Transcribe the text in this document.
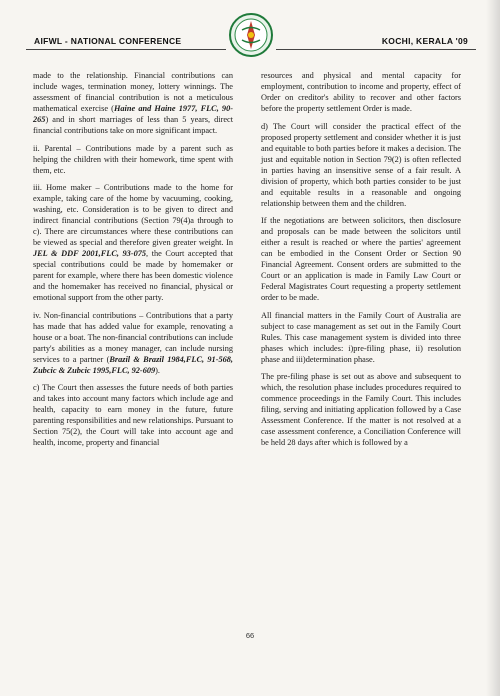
AIFWL - NATIONAL CONFERENCE	KOCHI, KERALA '09

made to the relationship. Financial contributions can include wages, termination money, lottery winnings. The assessment of financial contribution is not a meticulous mathematical exercise (Haine and Haine 1977, FLC, 90-265) and in short marriages of less than 5 years, direct financial contributions take on more significant impact.

ii. Parental – Contributions made by a parent such as helping the children with their homework, time spent with them, etc.

iii. Home maker – Contributions made to the home for example, taking care of the home by vacuuming, cooking, washing, etc. Consideration is to be given to direct and indirect financial contributions (Section 79(4)a through to c). There are circumstances where these contributions can be viewed as special and therefore given greater weight. In JEL & DDF 2001,FLC, 93-075, the Court accepted that special contributions could be made by homemaker or parent for example, where there has been domestic violence and the homemaker has received no financial, physical or emotional support from the other party.

iv. Non-financial contributions – Contributions that a party has made that has added value for example, renovating a house or a boat. The non-financial contributions can include party's abilities as a money manager, can include nursing services to a partner (Brazil & Brazil 1984,FLC, 91-568, Zubcic & Zubcic 1995,FLC, 92-609).

c) The Court then assesses the future needs of both parties and takes into account many factors which include age and health, capacity to earn money in the future, future parenting responsibilities and new relationships. Pursuant to Section 75(2), the Court will take into account age and health, income, property and financial

resources and physical and mental capacity for employment, contribution to income and property, effect of Order on creditor's ability to recover and other factors before the property settlement Order is made.

d) The Court will consider the practical effect of the proposed property settlement and consider whether it is just and equitable to both parties before it makes a decision. The just and equitable notion in Section 79(2) is often reflected in parties having an insensitive sense of a fair result. A division of property, which both parties consider to be just and equitable results in a reasonable and ongoing relationship between them and the children.

If the negotiations are between solicitors, then disclosure and proposals can be made between the solicitors until either a result is reached or where the parties' agreement can be embodied in the Consent Order or Section 90 Financial Agreement. Consent orders are submitted to the Court or an application is made in Family Law Court or Federal Magistrates Court requesting a property settlement order to be made.

All financial matters in the Family Court of Australia are subject to case management as set out in the Family Court Rules. This case management system is divided into three phases which includes: i)pre-filing phase, ii) resolution phase and iii)determination phase.

The pre-filing phase is set out as above and subsequent to which, the resolution phase includes procedures required to commence proceedings in the Family Court. This includes filing, serving and initiating application followed by a Case Assessment Conference. If the matter is not resolved at a case assessment conference, a Conciliation Conference will be held 28 days after which is followed by a

66
